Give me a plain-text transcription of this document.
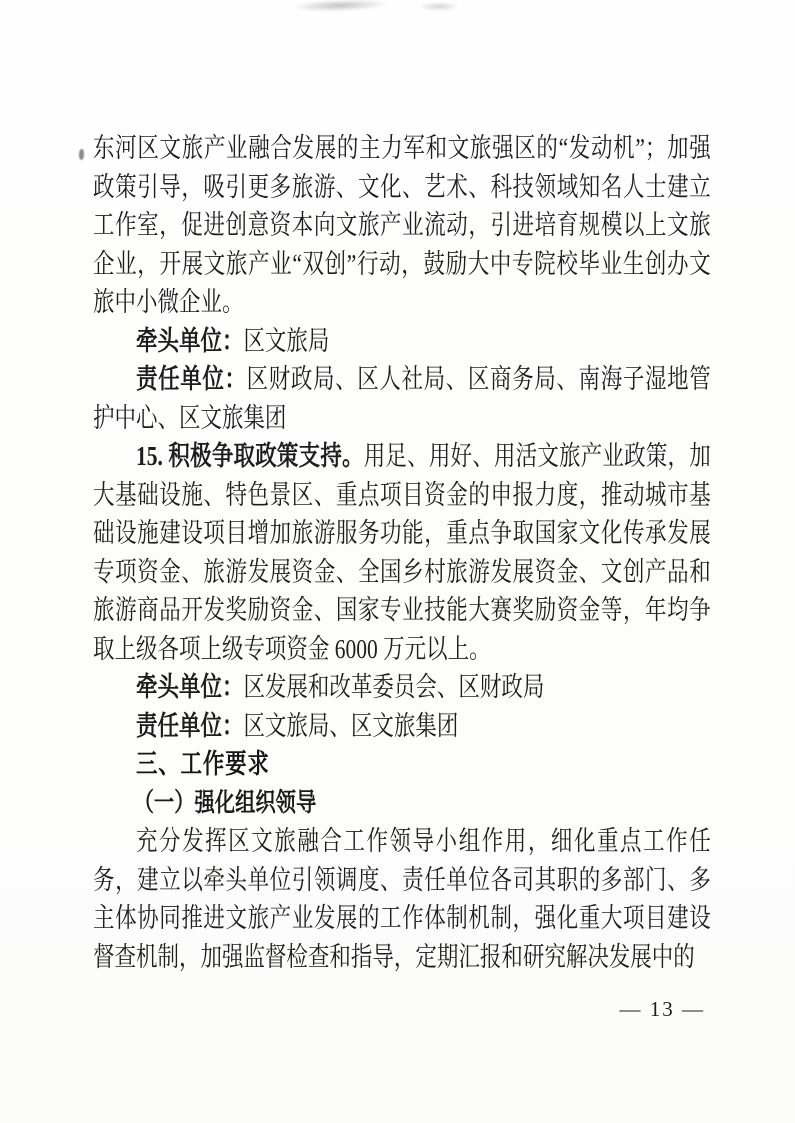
东河区文旅产业融合发展的主力军和文旅强区的“发动机”；加强政策引导，吸引更多旅游、文化、艺术、科技领域知名人士建立工作室，促进创意资本向文旅产业流动，引进培育规模以上文旅企业，开展文旅产业“双创”行动，鼓励大中专院校毕业生创办文旅中小微企业。

牵头单位：区文旅局

责任单位：区财政局、区人社局、区商务局、南海子湿地管护中心、区文旅集团

15. 积极争取政策支持。用足、用好、用活文旅产业政策，加大基础设施、特色景区、重点项目资金的申报力度，推动城市基础设施建设项目增加旅游服务功能，重点争取国家文化传承发展专项资金、旅游发展资金、全国乡村旅游发展资金、文创产品和旅游商品开发奖励资金、国家专业技能大赛奖励资金等，年均争取上级各项上级专项资金 6000 万元以上。

牵头单位：区发展和改革委员会、区财政局

责任单位：区文旅局、区文旅集团

三、工作要求

（一）强化组织领导

充分发挥区文旅融合工作领导小组作用，细化重点工作任务，建立以牵头单位引领调度、责任单位各司其职的多部门、多主体协同推进文旅产业发展的工作体制机制，强化重大项目建设督查机制，加强监督检查和指导，定期汇报和研究解决发展中的

— 13 —
